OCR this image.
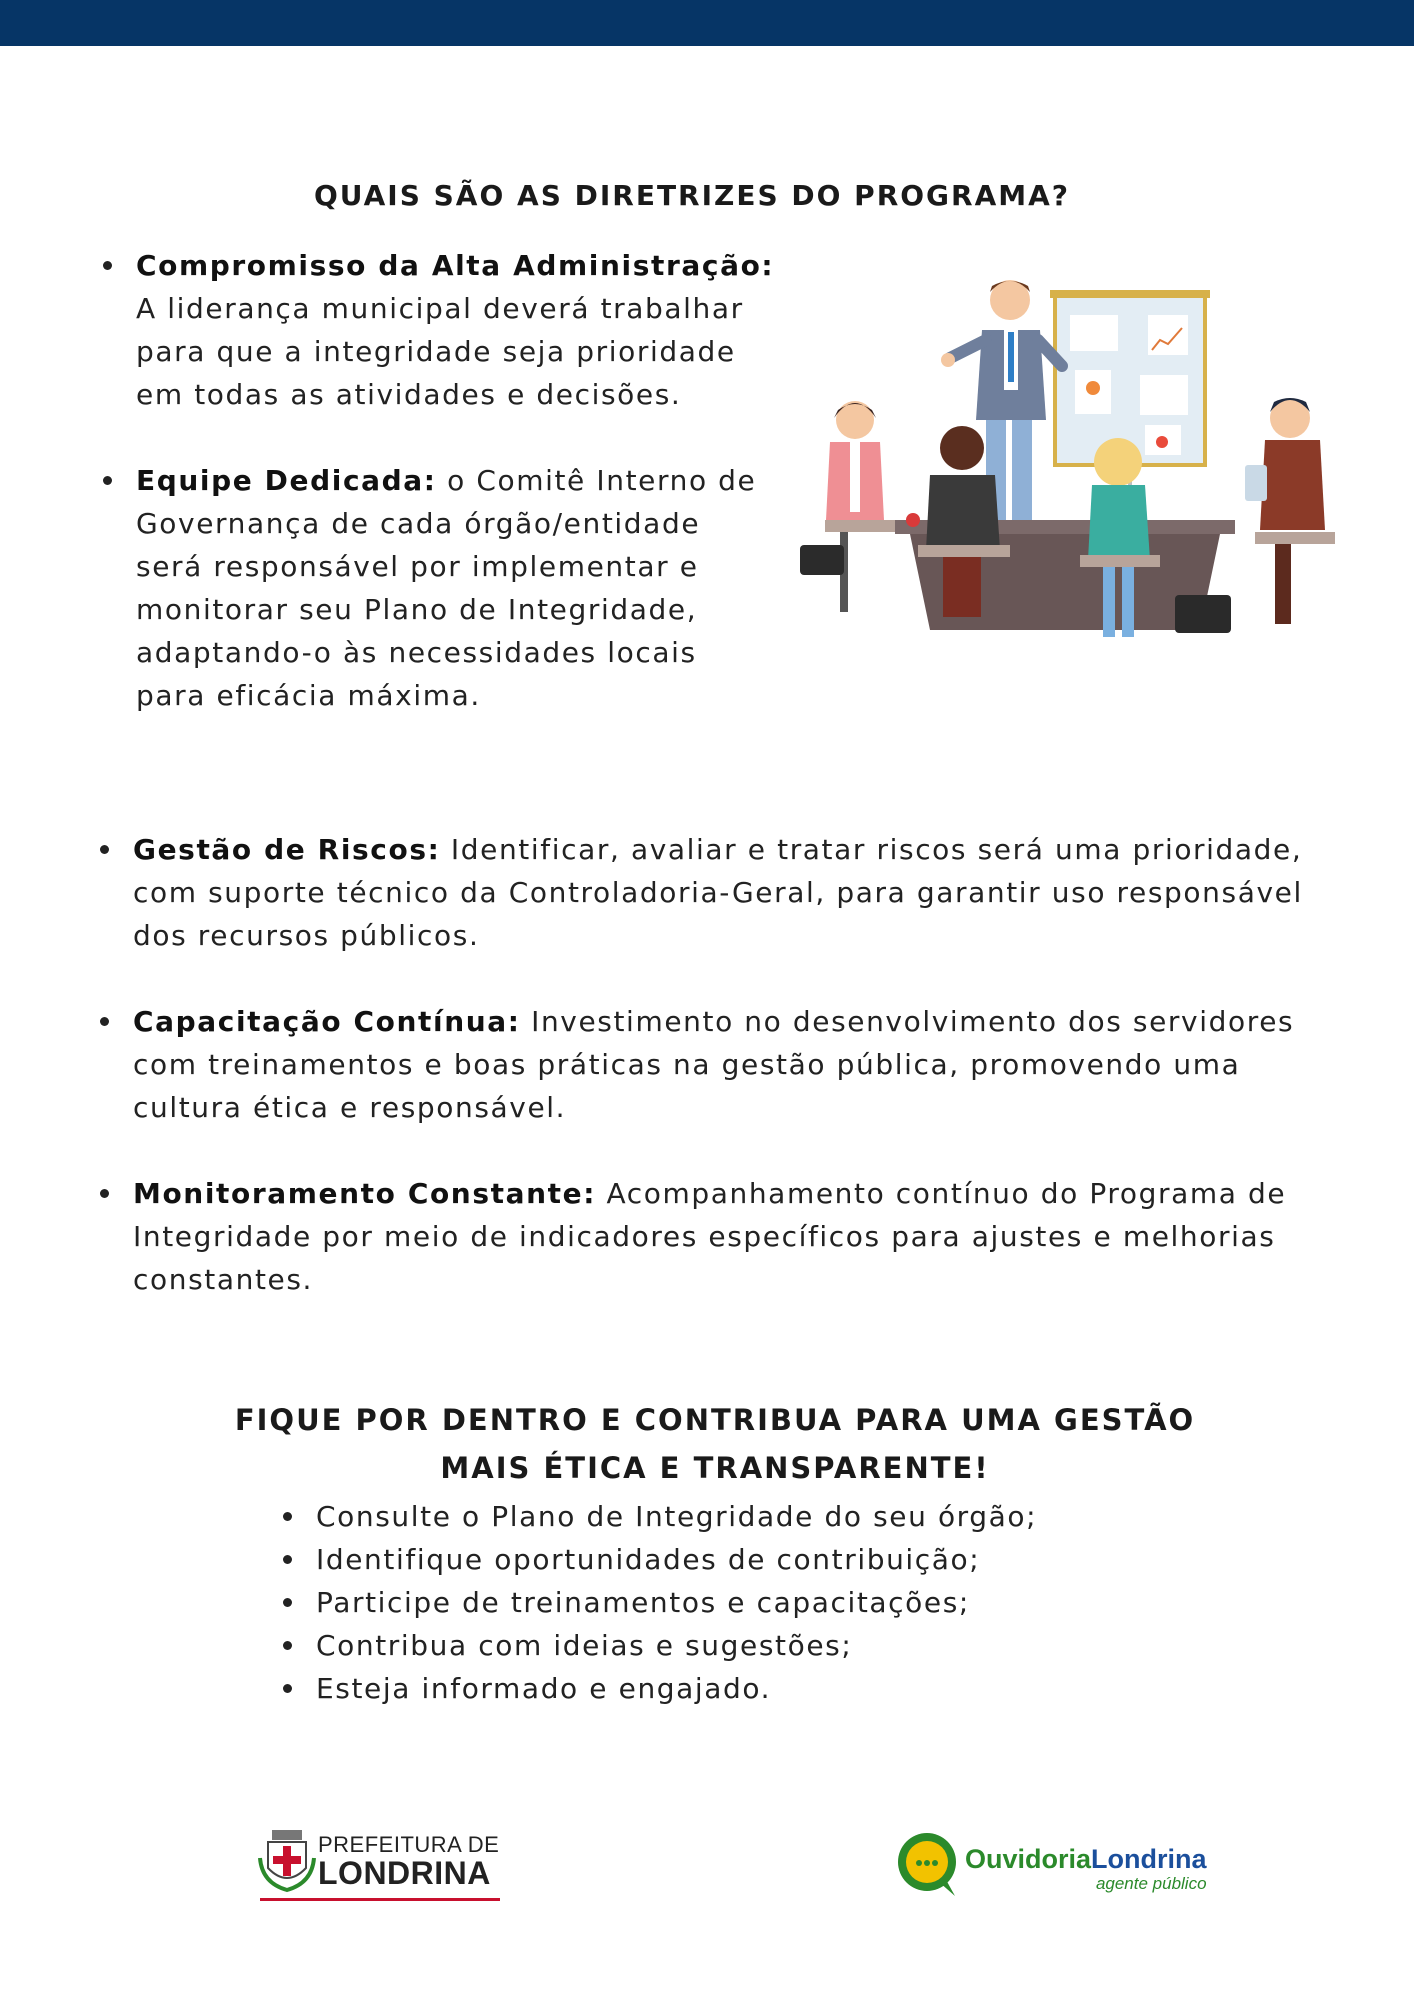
QUAIS SÃO AS DIRETRIZES DO PROGRAMA?
Compromisso da Alta Administração: A liderança municipal deverá trabalhar para que a integridade seja prioridade em todas as atividades e decisões.
Equipe Dedicada: o Comitê Interno de Governança de cada órgão/entidade será responsável por implementar e monitorar seu Plano de Integridade, adaptando-o às necessidades locais para eficácia máxima.
Gestão de Riscos: Identificar, avaliar e tratar riscos será uma prioridade, com suporte técnico da Controladoria-Geral, para garantir uso responsável dos recursos públicos.
Capacitação Contínua: Investimento no desenvolvimento dos servidores com treinamentos e boas práticas na gestão pública, promovendo uma cultura ética e responsável.
Monitoramento Constante: Acompanhamento contínuo do Programa de Integridade por meio de indicadores específicos para ajustes e melhorias constantes.
FIQUE POR DENTRO E CONTRIBUA PARA UMA GESTÃO
MAIS ÉTICA E TRANSPARENTE!
Consulte o Plano de Integridade do seu órgão;
Identifique oportunidades de contribuição;
Participe de treinamentos e capacitações;
Contribua com ideias e sugestões;
Esteja informado e engajado.
PREFEITURA DE
LONDRINA	OuvidoriaLondrina
agente público
